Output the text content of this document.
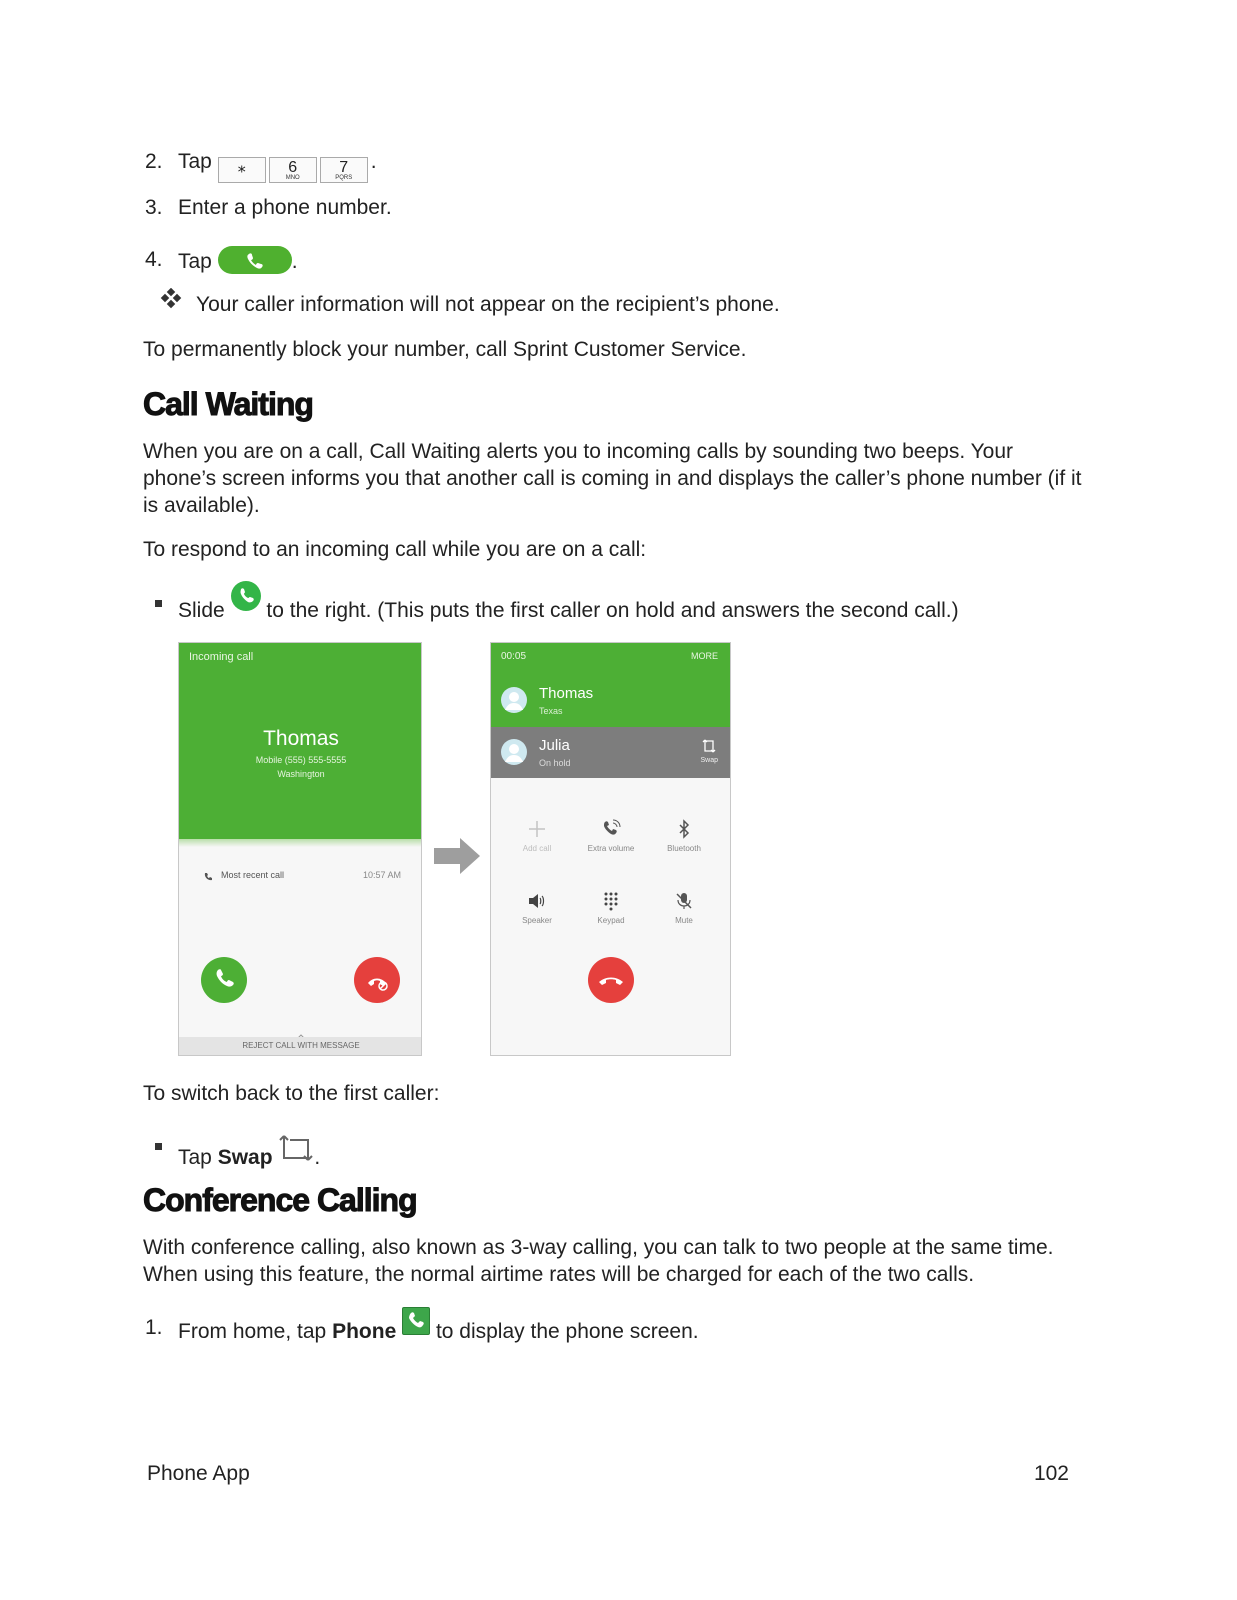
2. Tap	⁎	6
MNO
7
PQRS
.
3. Enter a phone number.
4. Tap	.
Your caller information will not appear on the recipient’s phone.
To permanently block your number, call Sprint Customer Service.
Call Waiting
When you are on a call, Call Waiting alerts you to incoming calls by sounding two beeps. Your phone’s screen informs you that another call is coming in and displays the caller’s phone number (if it is available).
To respond to an incoming call while you are on a call:
Slide to the right. (This puts the first caller on hold and answers the second call.)
Incoming call
Thomas
Mobile (555) 555-5555
Washington
Most recent call	10:57 AM
REJECT CALL WITH MESSAGE
00:05	MORE
Thomas
Texas
Julia
On hold	Swap
Add call	Extra volume	Bluetooth
Speaker	Keypad	Mute
To switch back to the first caller:
Tap Swap .
Conference Calling
With conference calling, also known as 3-way calling, you can talk to two people at the same time. When using this feature, the normal airtime rates will be charged for each of the two calls.
1. From home, tap Phone to display the phone screen.
Phone App	102
